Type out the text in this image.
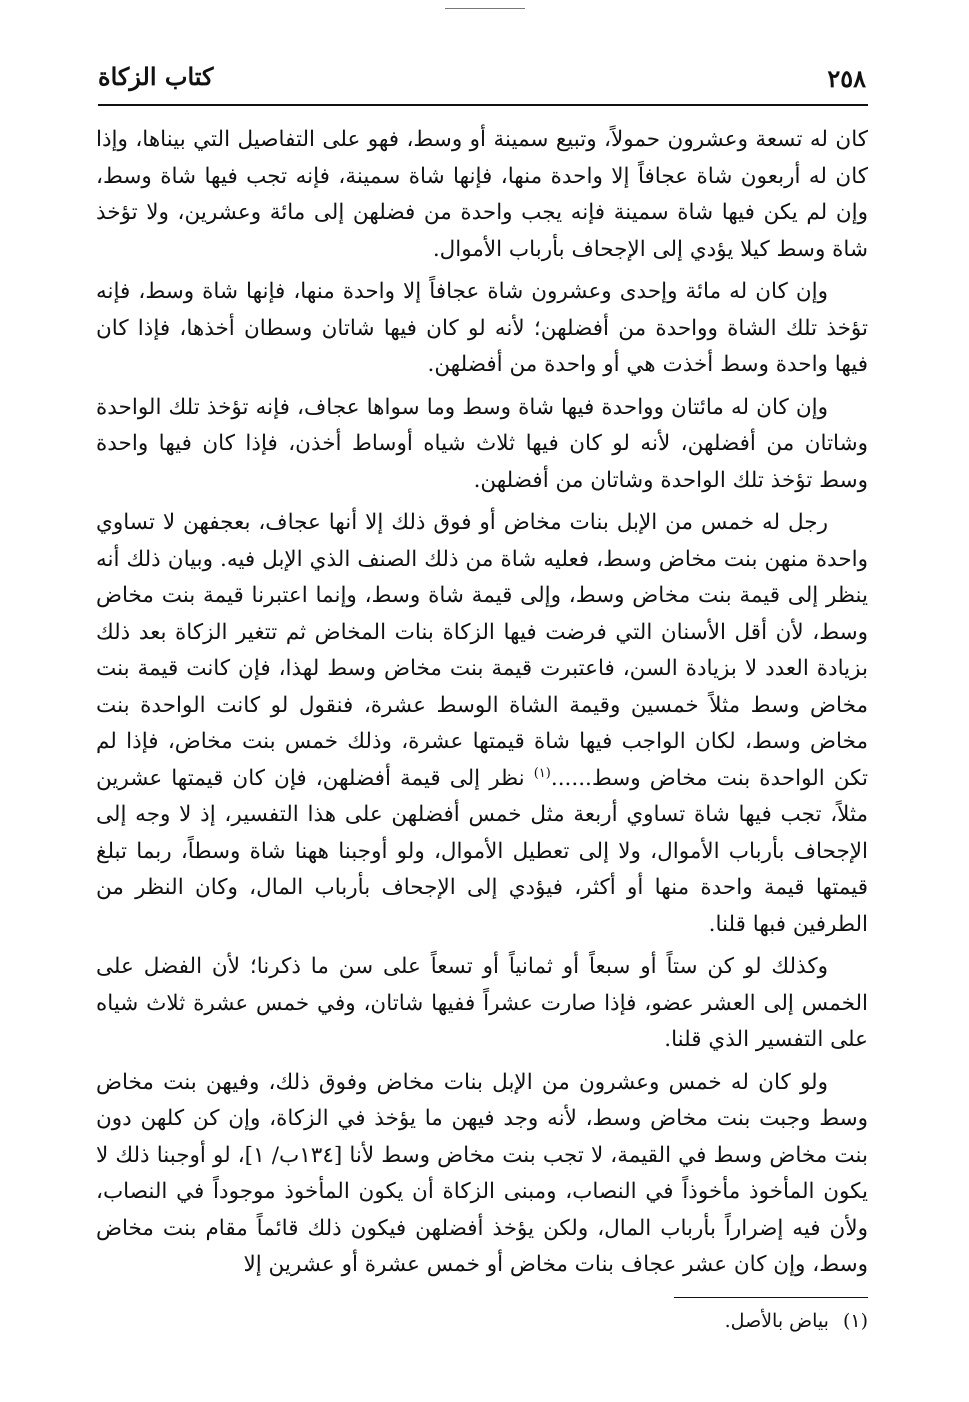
٢٥٨
كتاب الزكاة

كان له تسعة وعشرون حمولاً، وتبيع سمينة أو وسط، فهو على التفاصيل التي بيناها، وإذا كان له أربعون شاة عجافاً إلا واحدة منها، فإنها شاة سمينة، فإنه تجب فيها شاة وسط، وإن لم يكن فيها شاة سمينة فإنه يجب واحدة من فضلهن إلى مائة وعشرين، ولا تؤخذ شاة وسط كيلا يؤدي إلى الإجحاف بأرباب الأموال.

وإن كان له مائة وإحدى وعشرون شاة عجافاً إلا واحدة منها، فإنها شاة وسط، فإنه تؤخذ تلك الشاة وواحدة من أفضلهن؛ لأنه لو كان فيها شاتان وسطان أخذها، فإذا كان فيها واحدة وسط أخذت هي أو واحدة من أفضلهن.

وإن كان له مائتان وواحدة فيها شاة وسط وما سواها عجاف، فإنه تؤخذ تلك الواحدة وشاتان من أفضلهن، لأنه لو كان فيها ثلاث شياه أوساط أخذن، فإذا كان فيها واحدة وسط تؤخذ تلك الواحدة وشاتان من أفضلهن.

رجل له خمس من الإبل بنات مخاض أو فوق ذلك إلا أنها عجاف، بعجفهن لا تساوي واحدة منهن بنت مخاض وسط، فعليه شاة من ذلك الصنف الذي الإبل فيه. وبيان ذلك أنه ينظر إلى قيمة بنت مخاض وسط، وإلى قيمة شاة وسط، وإنما اعتبرنا قيمة بنت مخاض وسط، لأن أقل الأسنان التي فرضت فيها الزكاة بنات المخاض ثم تتغير الزكاة بعد ذلك بزيادة العدد لا بزيادة السن، فاعتبرت قيمة بنت مخاض وسط لهذا، فإن كانت قيمة بنت مخاض وسط مثلاً خمسين وقيمة الشاة الوسط عشرة، فنقول لو كانت الواحدة بنت مخاض وسط، لكان الواجب فيها شاة قيمتها عشرة، وذلك خمس بنت مخاض، فإذا لم تكن الواحدة بنت مخاض وسط......$^{(١)}$ نظر إلى قيمة أفضلهن، فإن كان قيمتها عشرين مثلاً، تجب فيها شاة تساوي أربعة مثل خمس أفضلهن على هذا التفسير، إذ لا وجه إلى الإجحاف بأرباب الأموال، ولا إلى تعطيل الأموال، ولو أوجبنا ههنا شاة وسطاً، ربما تبلغ قيمتها قيمة واحدة منها أو أكثر، فيؤدي إلى الإجحاف بأرباب المال، وكان النظر من الطرفين فبها قلنا.

وكذلك لو كن ستاً أو سبعاً أو ثمانياً أو تسعاً على سن ما ذكرنا؛ لأن الفضل على الخمس إلى العشر عضو، فإذا صارت عشراً ففيها شاتان، وفي خمس عشرة ثلاث شياه على التفسير الذي قلنا.

ولو كان له خمس وعشرون من الإبل بنات مخاض وفوق ذلك، وفيهن بنت مخاض وسط وجبت بنت مخاض وسط، لأنه وجد فيهن ما يؤخذ في الزكاة، وإن كن كلهن دون بنت مخاض وسط في القيمة، لا تجب بنت مخاض وسط لأنا [١٣٤ب/ ١]، لو أوجبنا ذلك لا يكون المأخوذ مأخوذاً في النصاب، ومبنى الزكاة أن يكون المأخوذ موجوداً في النصاب، ولأن فيه إضراراً بأرباب المال، ولكن يؤخذ أفضلهن فيكون ذلك قائماً مقام بنت مخاض وسط، وإن كان عشر عجاف بنات مخاض أو خمس عشرة أو عشرين إلا

(١)بياض بالأصل.
